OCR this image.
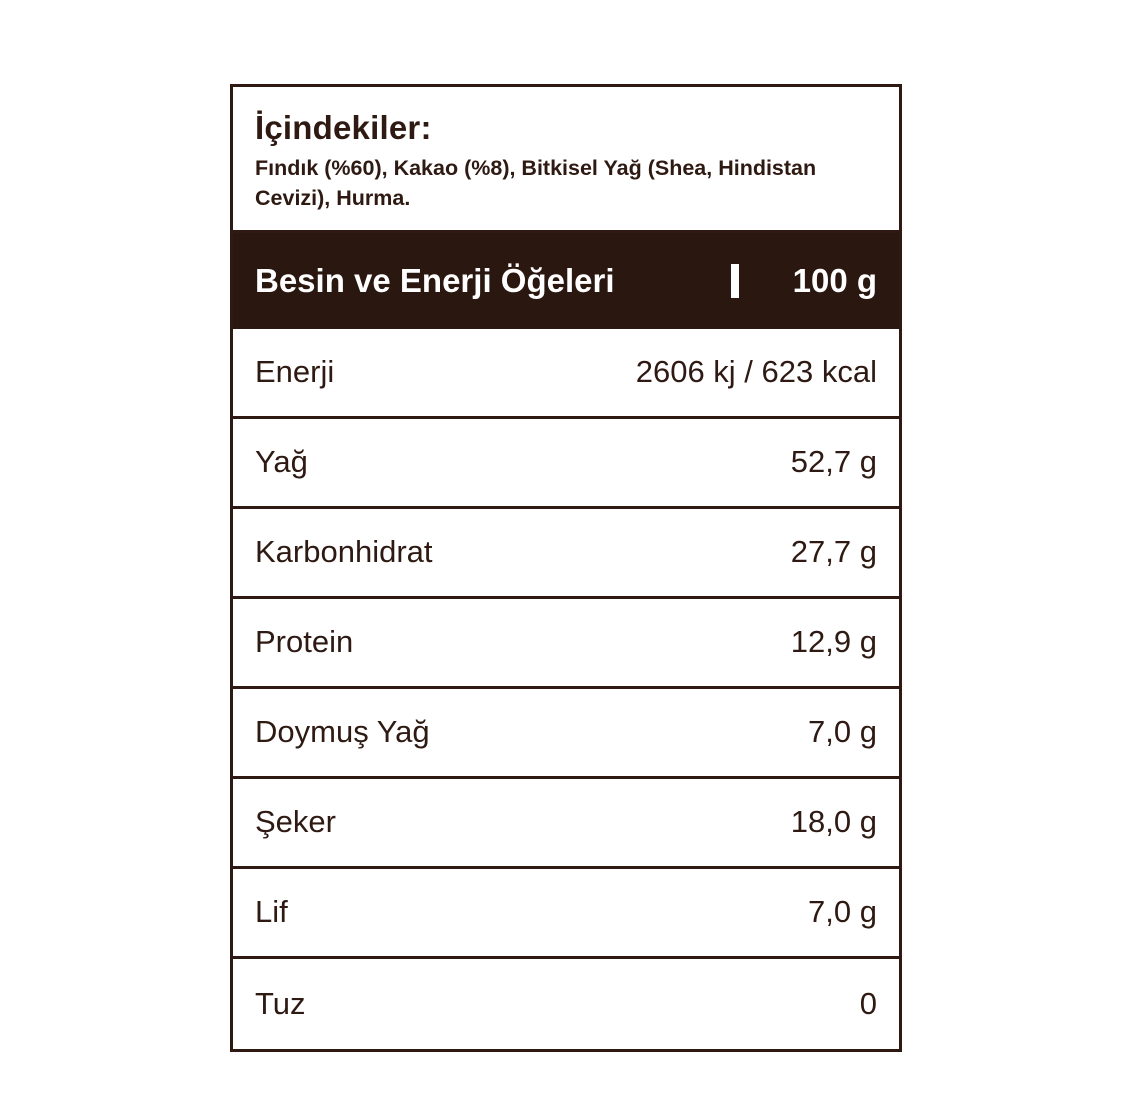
İçindekiler:
Fındık (%60), Kakao (%8), Bitkisel Yağ (Shea, Hindistan Cevizi), Hurma.
Besin ve Enerji Öğeleri	100 g
Enerji	2606 kj / 623 kcal
Yağ	52,7 g
Karbonhidrat	27,7 g
Protein	12,9 g
Doymuş Yağ	7,0 g
Şeker	18,0 g
Lif	7,0 g
Tuz	0
